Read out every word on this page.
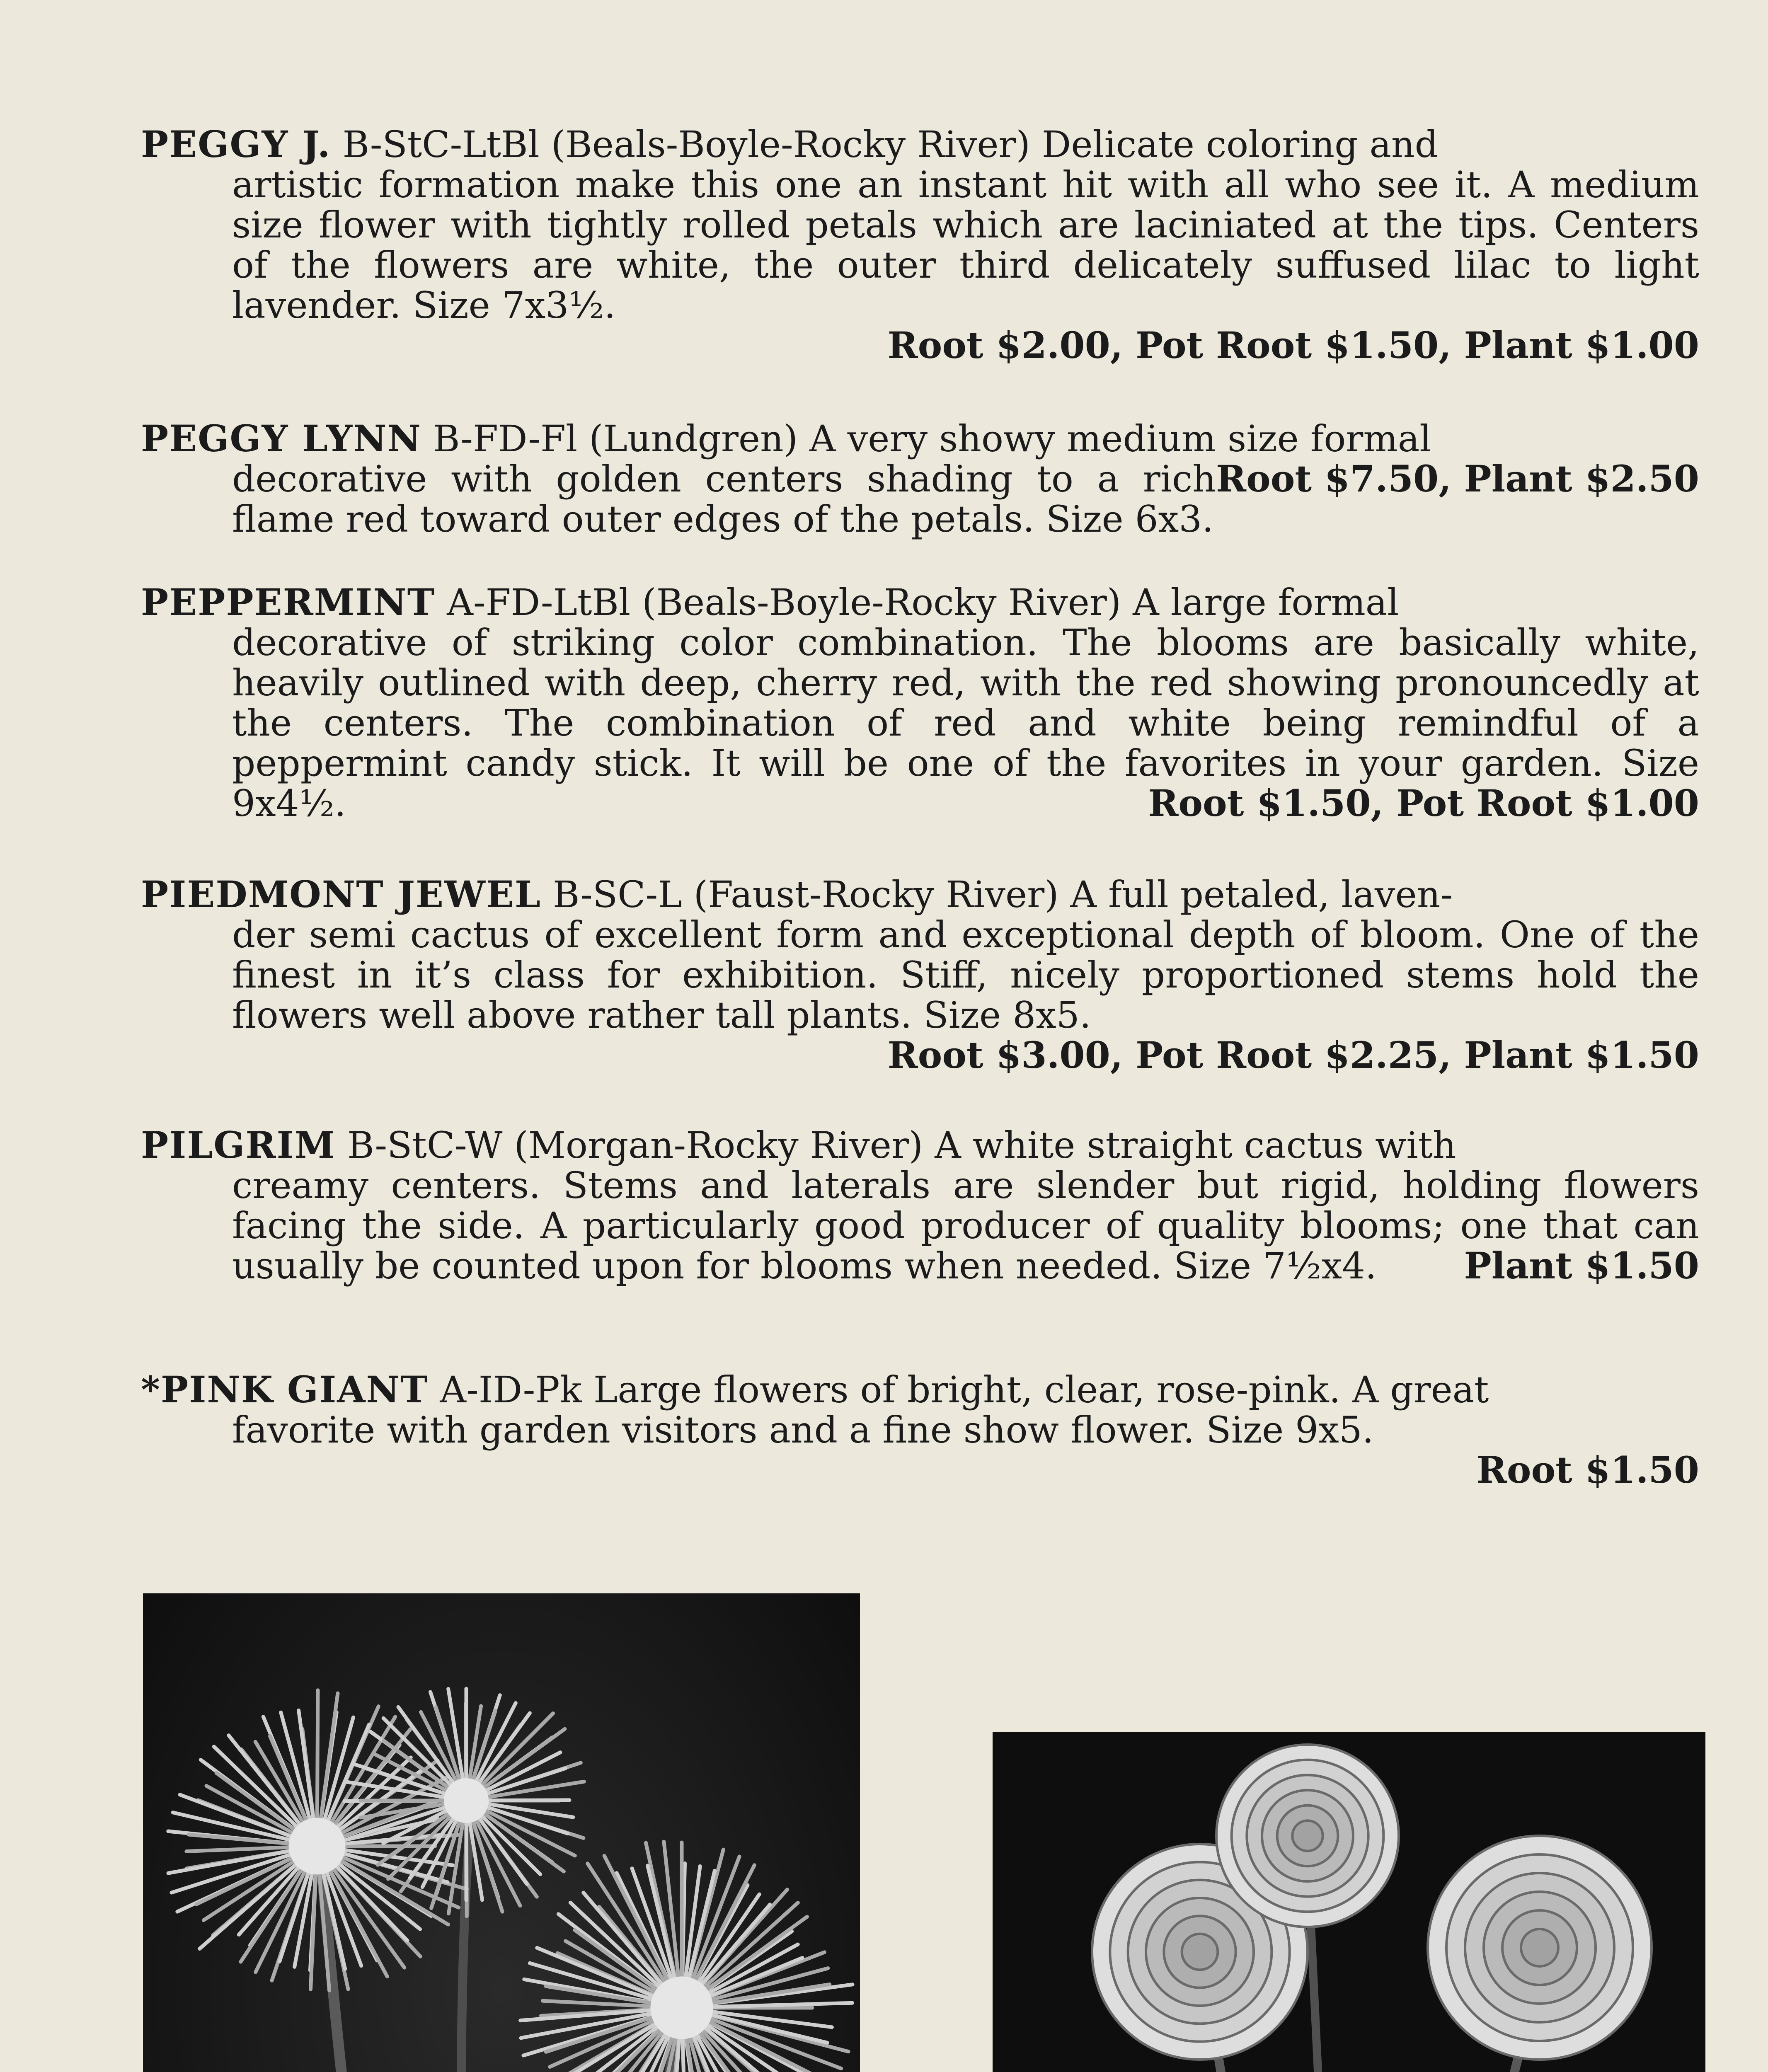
PEGGY J. B-StC-LtBl (Beals-Boyle-Rocky River) Delicate coloring and
artistic formation make this one an instant hit with all who see it. A medium size flower with tightly rolled petals which are laciniated at the tips. Centers of the flowers are white, the outer third delicately suffused lilac to light lavender. Size 7x3½.
Root $2.00, Pot Root $1.50, Plant $1.00
PEGGY LYNN B-FD-Fl (Lundgren) A very showy medium size formal
Root $7.50, Plant $2.50
decorative with golden centers shading to a rich flame red toward outer edges of the petals. Size 6x3.
PEPPERMINT A-FD-LtBl (Beals-Boyle-Rocky River) A large formal
decorative of striking color combination. The blooms are basically white, heavily outlined with deep, cherry red, with the red showing pronouncedly at the centers. The combination of red and white being remindful of a peppermint candy stick. It will be one of the favorites in your garden. Size 9x4½.	Root $1.50, Pot Root $1.00
PIEDMONT JEWEL B-SC-L (Faust-Rocky River) A full petaled, laven-
der semi cactus of excellent form and exceptional depth of bloom. One of the finest in it’s class for exhibition. Stiff, nicely proportioned stems hold the flowers well above rather tall plants. Size 8x5.
Root $3.00, Pot Root $2.25, Plant $1.50
PILGRIM B-StC-W (Morgan-Rocky River) A white straight cactus with
creamy centers. Stems and laterals are slender but rigid, holding flowers facing the side. A particularly good producer of quality blooms; one that can usually be counted upon for blooms when needed. Size 7½x4.	Plant $1.50
*PINK GIANT A-ID-Pk Large flowers of bright, clear, rose-pink. A great
favorite with garden visitors and a fine show flower. Size 9x5.
Root $1.50
